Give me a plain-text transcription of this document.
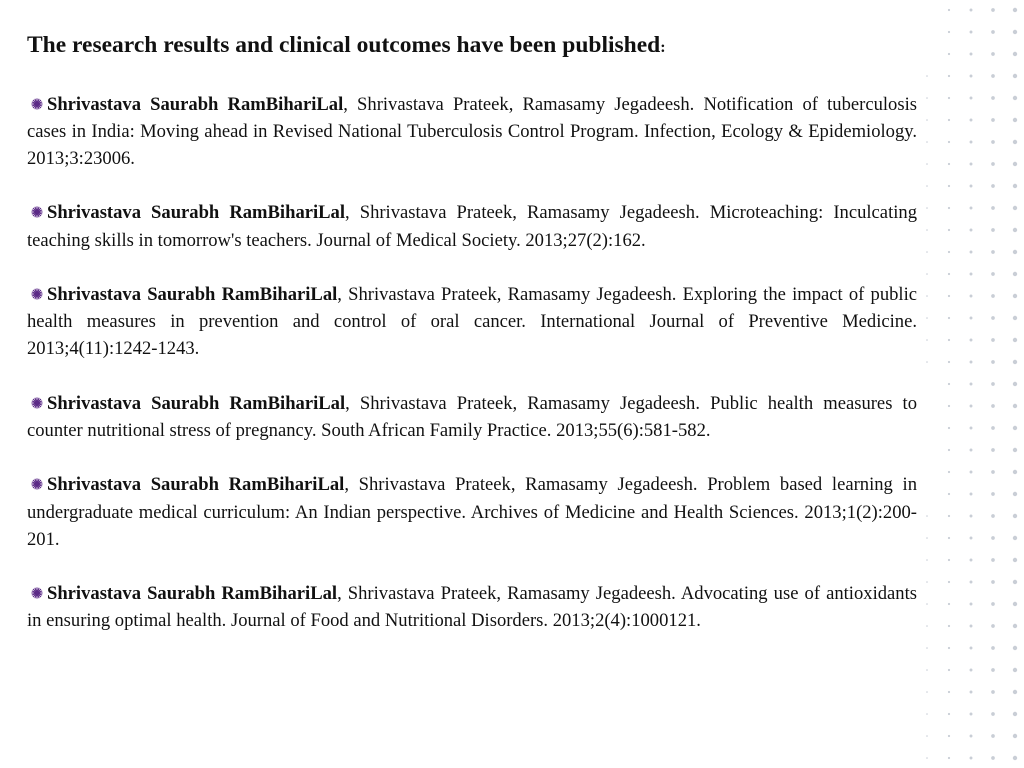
The research results and clinical outcomes have been published:
Shrivastava Saurabh RamBihariLal, Shrivastava Prateek, Ramasamy Jegadeesh. Notification of tuberculosis cases in India: Moving ahead in Revised National Tuberculosis Control Program. Infection, Ecology & Epidemiology. 2013;3:23006.
Shrivastava Saurabh RamBihariLal, Shrivastava Prateek, Ramasamy Jegadeesh. Microteaching: Inculcating teaching skills in tomorrow's teachers. Journal of Medical Society. 2013;27(2):162.
Shrivastava Saurabh RamBihariLal, Shrivastava Prateek, Ramasamy Jegadeesh. Exploring the impact of public health measures in prevention and control of oral cancer. International Journal of Preventive Medicine. 2013;4(11):1242-1243.
Shrivastava Saurabh RamBihariLal, Shrivastava Prateek, Ramasamy Jegadeesh. Public health measures to counter nutritional stress of pregnancy. South African Family Practice. 2013;55(6):581-582.
Shrivastava Saurabh RamBihariLal, Shrivastava Prateek, Ramasamy Jegadeesh. Problem based learning in undergraduate medical curriculum: An Indian perspective. Archives of Medicine and Health Sciences. 2013;1(2):200-201.
Shrivastava Saurabh RamBihariLal, Shrivastava Prateek, Ramasamy Jegadeesh. Advocating use of antioxidants in ensuring optimal health. Journal of Food and Nutritional Disorders. 2013;2(4):1000121.
